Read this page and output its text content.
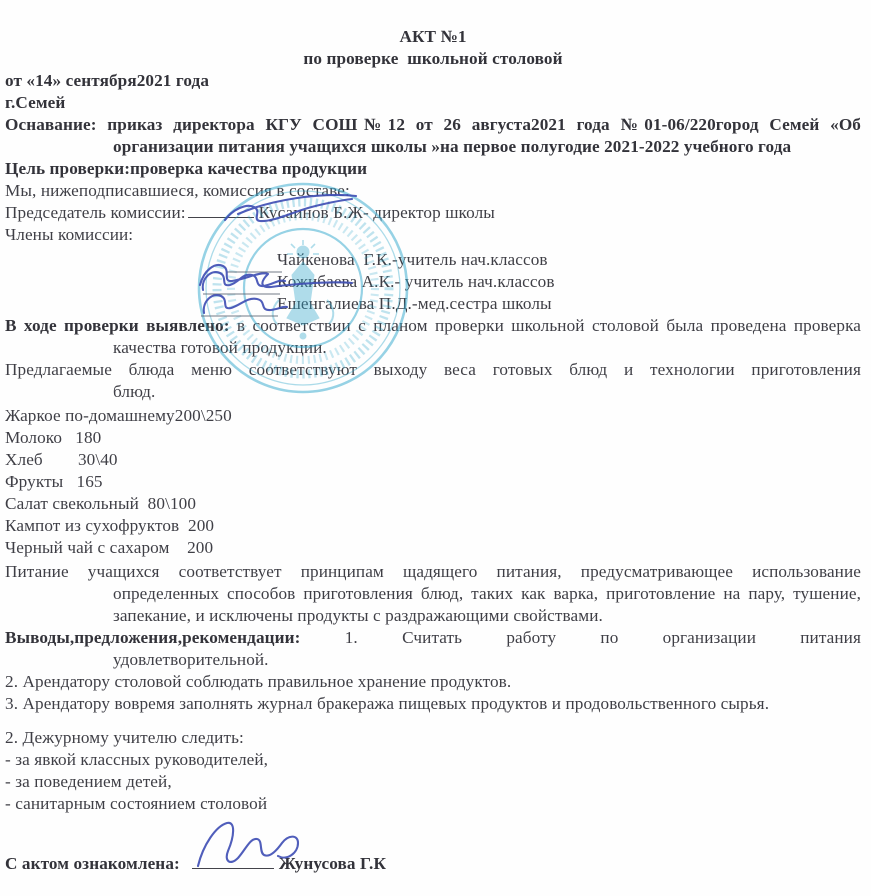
АКТ №1
по проверке  школьной столовой
от «14» сентября2021 года
г.Семей
Оснавание: приказ директора КГУ СОШ№12 от 26 августа2021 года №01-06/220город Семей «Об организации питания учащихся школы »на первое полугодие 2021-2022 учебного года
Цель проверки:проверка качества продукции
Мы, нижеподписавшиеся, комиссия в составе:
Председатель комиссии:	Кусаинов Б.Ж- директор школы
Члены комиссии:
Чайкенова  Г.К.-учитель нач.классов
Кожибаева А.К.- учитель нач.классов
Ешенгалиева П.Д.-мед.сестра школы
В ходе проверки выявлено: в соответствии с планом проверки школьной столовой была проведена проверка качества готовой продукции.
Предлагаемые блюда меню соответствуют выходу веса готовых блюд и технологии приготовления
блюд.
Жаркое по-домашнему200\250
Молоко   180
Хлеб        30\40
Фрукты   165
Салат свекольный  80\100
Кампот из сухофруктов  200
Черный чай с сахаром    200
Питание учащихся соответствует принципам щадящего питания, предусматривающее использование определенных способов приготовления блюд, таких как варка, приготовление на пару, тушение, запекание, и исключены продукты с раздражающими свойствами.
Выводы,предложения,рекомендации:	1. Считать работу по организации питания
удовлетворительной.
2. Арендатору столовой соблюдать правильное хранение продуктов.
3. Арендатору вовремя заполнять журнал бракеража пищевых продуктов и продовольственного сырья.
2. Дежурному учителю следить:
- за явкой классных руководителей,
- за поведением детей,
- санитарным состоянием столовой
С актом ознакомлена:	Жунусова Г.К
